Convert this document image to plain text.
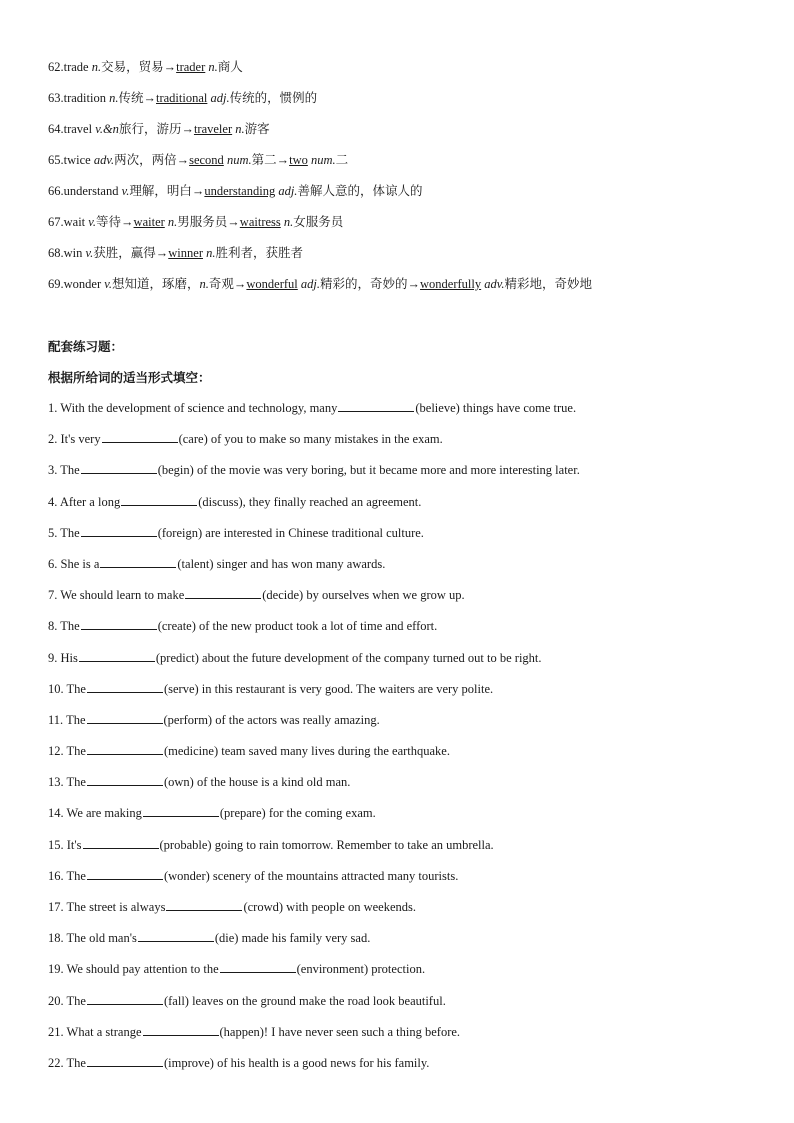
62.trade n.交易，贸易→trader n.商人
63.tradition n.传统→traditional adj.传统的，惯例的
64.travel v.&n旅行，游历→traveler n.游客
65.twice adv.两次，两倍→second num.第二→two num.二
66.understand v.理解，明白→understanding adj.善解人意的，体谅人的
67.wait v.等待→waiter n.男服务员→waitress n.女服务员
68.win v.获胜，赢得→winner n.胜利者，获胜者
69.wonder v.想知道，琢磨，n.奇观→wonderful adj.精彩的，奇妙的→wonderfully adv.精彩地，奇妙地
配套练习题：
根据所给词的适当形式填空：
1. With the development of science and technology, many	(believe) things have come true.
2. It's very	(care) of you to make so many mistakes in the exam.
3. The	(begin) of the movie was very boring, but it became more and more interesting later.
4. After a long	(discuss), they finally reached an agreement.
5. The	(foreign) are interested in Chinese traditional culture.
6. She is a	(talent) singer and has won many awards.
7. We should learn to make	(decide) by ourselves when we grow up.
8. The	(create) of the new product took a lot of time and effort.
9. His	(predict) about the future development of the company turned out to be right.
10. The	(serve) in this restaurant is very good. The waiters are very polite.
11. The	(perform) of the actors was really amazing.
12. The	(medicine) team saved many lives during the earthquake.
13. The	(own) of the house is a kind old man.
14. We are making	(prepare) for the coming exam.
15. It's	(probable) going to rain tomorrow. Remember to take an umbrella.
16. The	(wonder) scenery of the mountains attracted many tourists.
17. The street is always	(crowd) with people on weekends.
18. The old man's	(die) made his family very sad.
19. We should pay attention to the	(environment) protection.
20. The	(fall) leaves on the ground make the road look beautiful.
21. What a strange	(happen)! I have never seen such a thing before.
22. The	(improve) of his health is a good news for his family.
